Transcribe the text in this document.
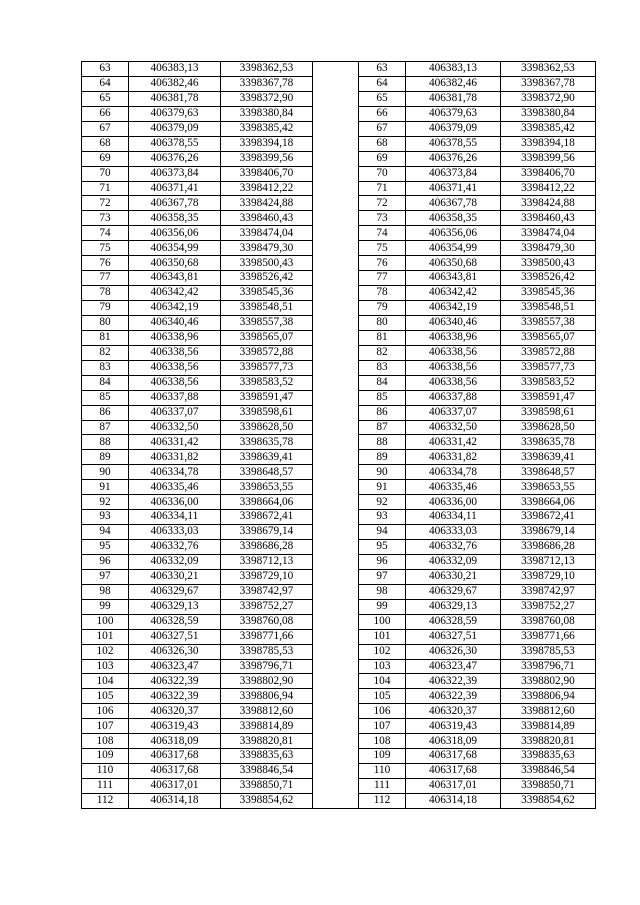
63	406383,13	3398362,53		63	406383,13	3398362,53
64	406382,46	3398367,78		64	406382,46	3398367,78
65	406381,78	3398372,90		65	406381,78	3398372,90
66	406379,63	3398380,84		66	406379,63	3398380,84
67	406379,09	3398385,42		67	406379,09	3398385,42
68	406378,55	3398394,18		68	406378,55	3398394,18
69	406376,26	3398399,56		69	406376,26	3398399,56
70	406373,84	3398406,70		70	406373,84	3398406,70
71	406371,41	3398412,22		71	406371,41	3398412,22
72	406367,78	3398424,88		72	406367,78	3398424,88
73	406358,35	3398460,43		73	406358,35	3398460,43
74	406356,06	3398474,04		74	406356,06	3398474,04
75	406354,99	3398479,30		75	406354,99	3398479,30
76	406350,68	3398500,43		76	406350,68	3398500,43
77	406343,81	3398526,42		77	406343,81	3398526,42
78	406342,42	3398545,36		78	406342,42	3398545,36
79	406342,19	3398548,51		79	406342,19	3398548,51
80	406340,46	3398557,38		80	406340,46	3398557,38
81	406338,96	3398565,07		81	406338,96	3398565,07
82	406338,56	3398572,88		82	406338,56	3398572,88
83	406338,56	3398577,73		83	406338,56	3398577,73
84	406338,56	3398583,52		84	406338,56	3398583,52
85	406337,88	3398591,47		85	406337,88	3398591,47
86	406337,07	3398598,61		86	406337,07	3398598,61
87	406332,50	3398628,50		87	406332,50	3398628,50
88	406331,42	3398635,78		88	406331,42	3398635,78
89	406331,82	3398639,41		89	406331,82	3398639,41
90	406334,78	3398648,57		90	406334,78	3398648,57
91	406335,46	3398653,55		91	406335,46	3398653,55
92	406336,00	3398664,06		92	406336,00	3398664,06
93	406334,11	3398672,41		93	406334,11	3398672,41
94	406333,03	3398679,14		94	406333,03	3398679,14
95	406332,76	3398686,28		95	406332,76	3398686,28
96	406332,09	3398712,13		96	406332,09	3398712,13
97	406330,21	3398729,10		97	406330,21	3398729,10
98	406329,67	3398742,97		98	406329,67	3398742,97
99	406329,13	3398752,27		99	406329,13	3398752,27
100	406328,59	3398760,08		100	406328,59	3398760,08
101	406327,51	3398771,66		101	406327,51	3398771,66
102	406326,30	3398785,53		102	406326,30	3398785,53
103	406323,47	3398796,71		103	406323,47	3398796,71
104	406322,39	3398802,90		104	406322,39	3398802,90
105	406322,39	3398806,94		105	406322,39	3398806,94
106	406320,37	3398812,60		106	406320,37	3398812,60
107	406319,43	3398814,89		107	406319,43	3398814,89
108	406318,09	3398820,81		108	406318,09	3398820,81
109	406317,68	3398835,63		109	406317,68	3398835,63
110	406317,68	3398846,54		110	406317,68	3398846,54
111	406317,01	3398850,71		111	406317,01	3398850,71
112	406314,18	3398854,62		112	406314,18	3398854,62
